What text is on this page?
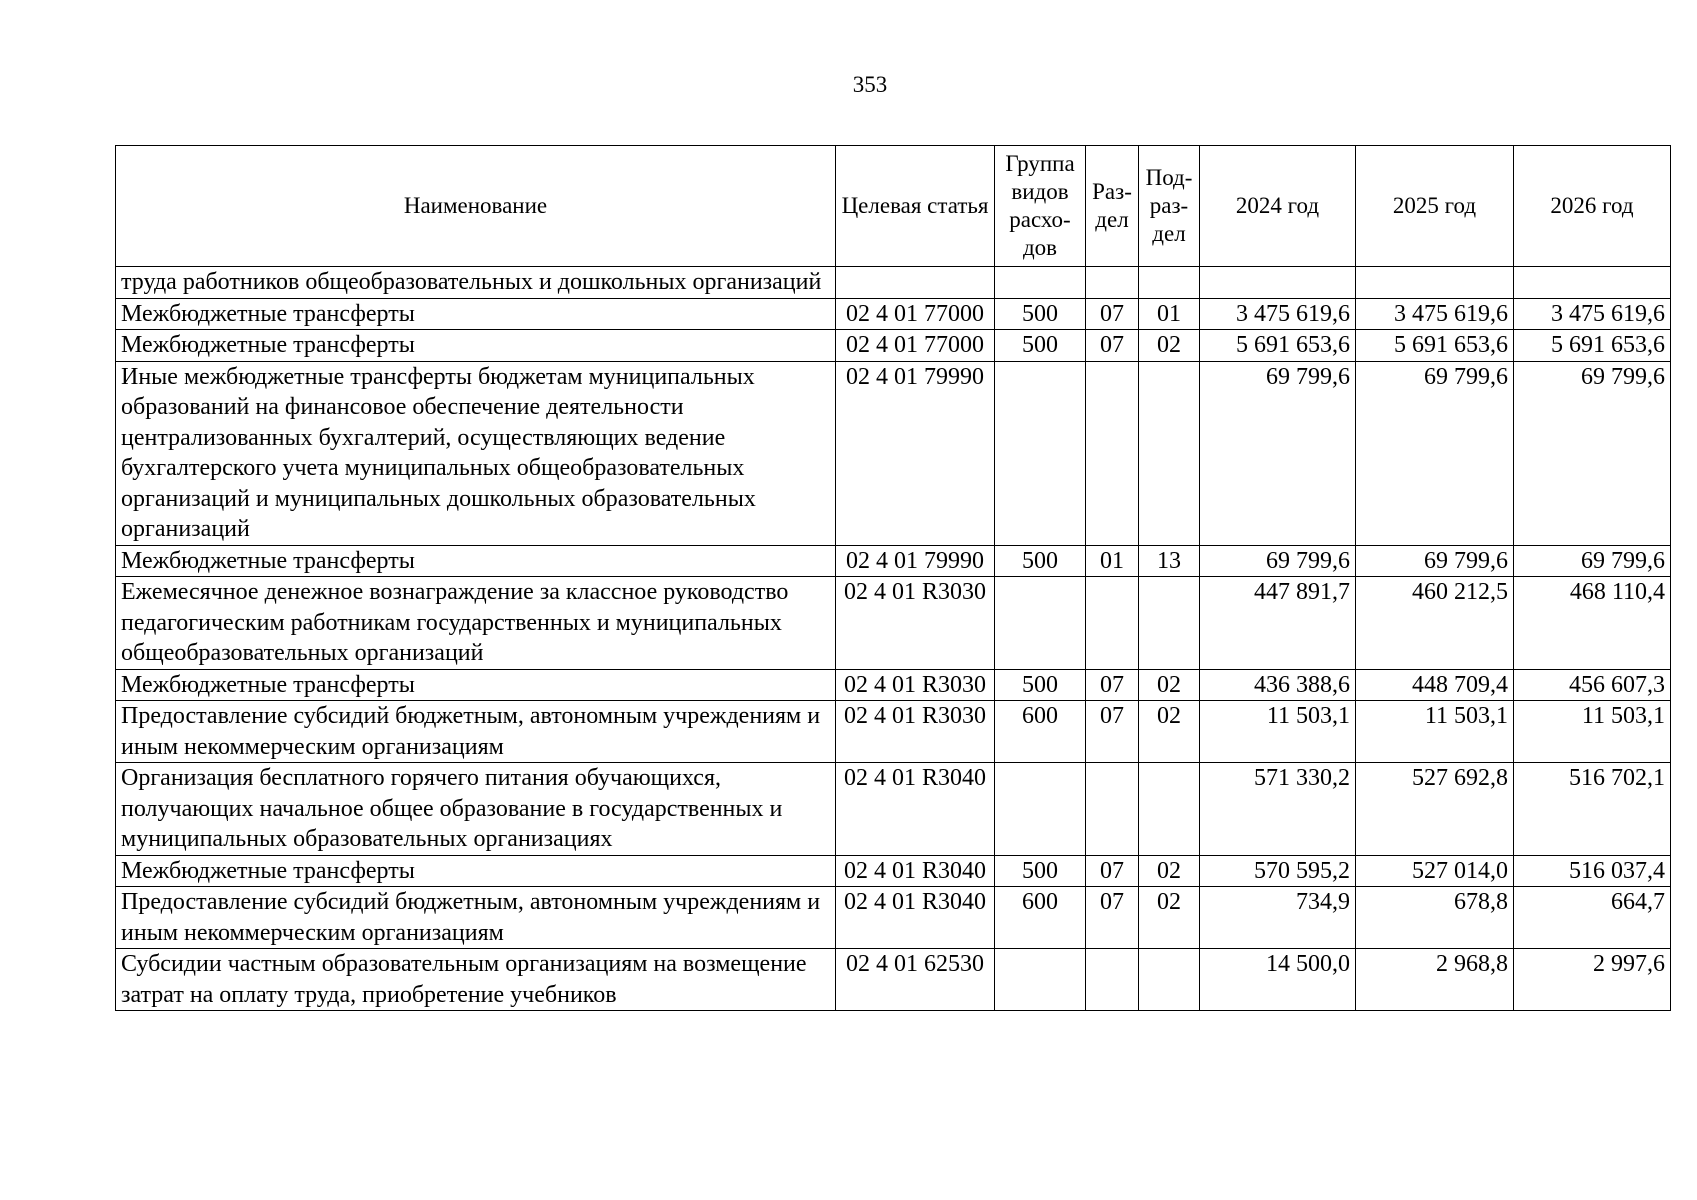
353
Наименование	Целевая статья	Группа видов расхо-дов	Раз-дел	Под-раз-дел	2024 год	2025 год	2026 год
труда работников общеобразовательных и дошкольных организаций							
Межбюджетные трансферты	02 4 01 77000	500	07	01	3 475 619,6	3 475 619,6	3 475 619,6
Межбюджетные трансферты	02 4 01 77000	500	07	02	5 691 653,6	5 691 653,6	5 691 653,6
Иные межбюджетные трансферты бюджетам муниципальных образований на финансовое обеспечение деятельности централизованных бухгалтерий, осуществляющих ведение бухгалтерского учета муниципальных общеобразовательных организаций и муниципальных дошкольных образовательных организаций	02 4 01 79990				69 799,6	69 799,6	69 799,6
Межбюджетные трансферты	02 4 01 79990	500	01	13	69 799,6	69 799,6	69 799,6
Ежемесячное денежное вознаграждение за классное руководство педагогическим работникам государственных и муниципальных общеобразовательных организаций	02 4 01 R3030				447 891,7	460 212,5	468 110,4
Межбюджетные трансферты	02 4 01 R3030	500	07	02	436 388,6	448 709,4	456 607,3
Предоставление субсидий бюджетным, автономным учреждениям и иным некоммерческим организациям	02 4 01 R3030	600	07	02	11 503,1	11 503,1	11 503,1
Организация бесплатного горячего питания обучающихся, получающих начальное общее образование в государственных и муниципальных образовательных организациях	02 4 01 R3040				571 330,2	527 692,8	516 702,1
Межбюджетные трансферты	02 4 01 R3040	500	07	02	570 595,2	527 014,0	516 037,4
Предоставление субсидий бюджетным, автономным учреждениям и иным некоммерческим организациям	02 4 01 R3040	600	07	02	734,9	678,8	664,7
Субсидии частным образовательным организациям на возмещение затрат на оплату труда, приобретение учебников	02 4 01 62530				14 500,0	2 968,8	2 997,6
